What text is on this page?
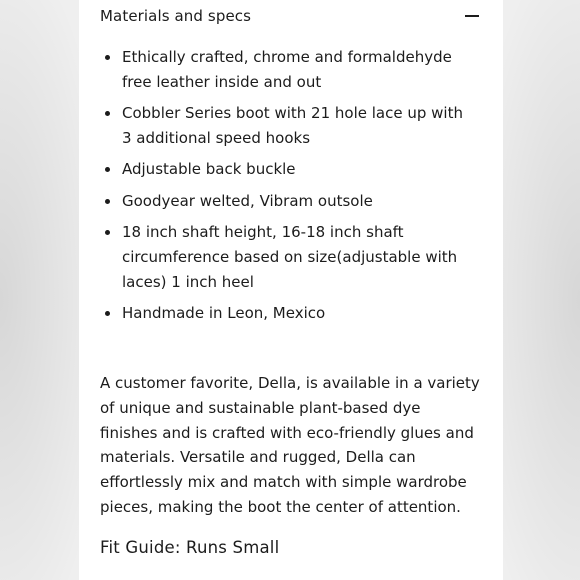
Materials and specs
Ethically crafted, chrome and formaldehyde free leather inside and out
Cobbler Series boot with 21 hole lace up with 3 additional speed hooks
Adjustable back buckle
Goodyear welted, Vibram outsole
18 inch shaft height, 16-18 inch shaft circumference based on size(adjustable with laces) 1 inch heel
Handmade in Leon, Mexico

A customer favorite, Della, is available in a variety of unique and sustainable plant-based dye finishes and is crafted with eco-friendly glues and materials. Versatile and rugged, Della can effortlessly mix and match with simple wardrobe pieces, making the boot the center of attention.

Fit Guide: Runs Small
